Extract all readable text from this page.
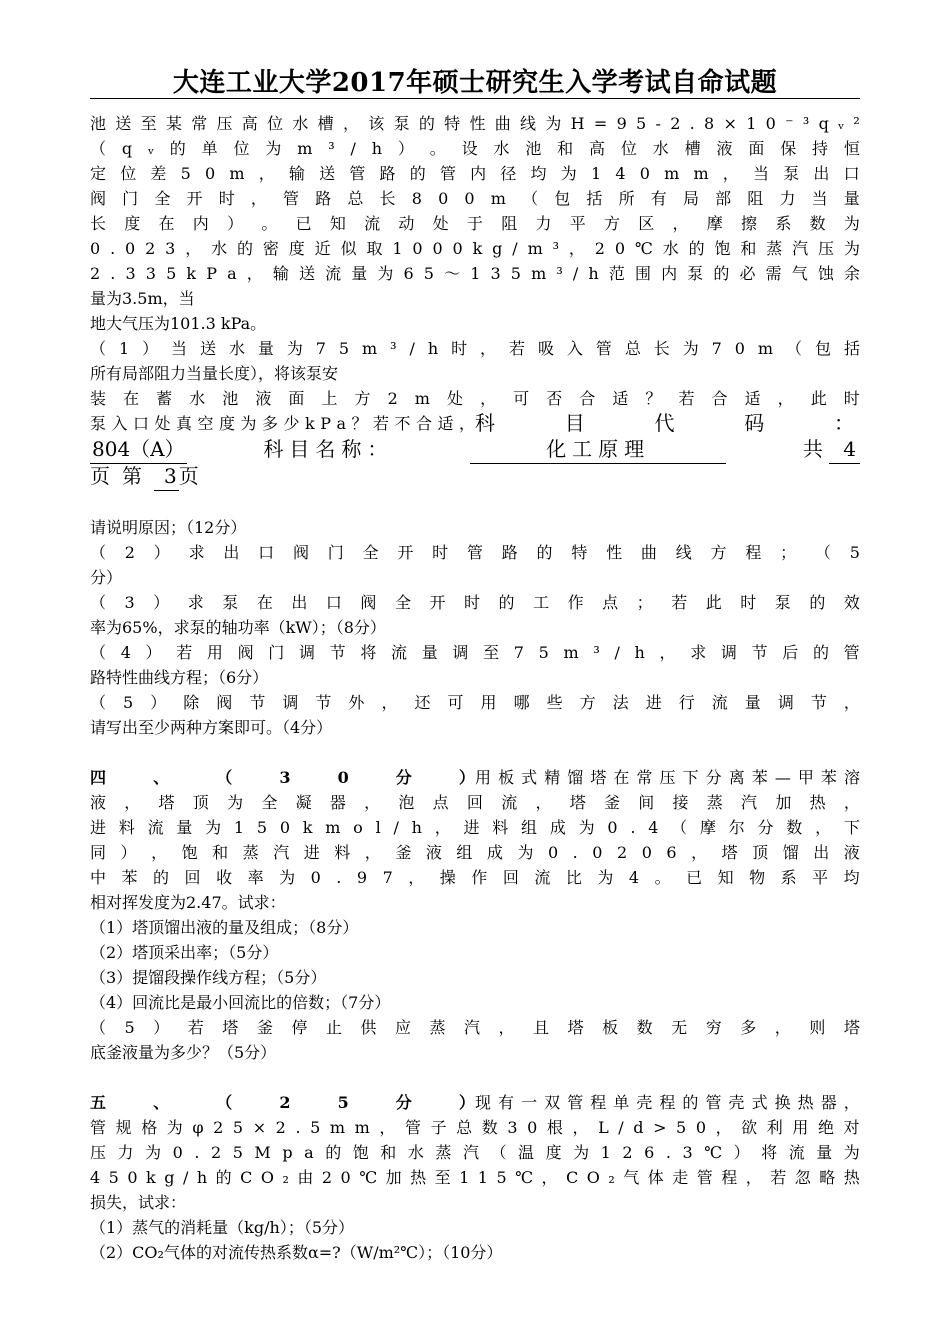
大连工业大学2017年硕士研究生入学考试自命试题
池 送 至 某 常 压 高 位 水 槽 ， 该 泵 的 特 性 曲 线 为 H = 9 5 - 2 . 8 × 1 0 ⁻ ³ q ᵥ ²
（ q ᵥ 的 单 位 为 m ³ / h ） 。 设 水 池 和 高 位 水 槽 液 面 保 持 恒
定 位 差 5 0 m ， 输 送 管 路 的 管 内 径 均 为 1 4 0 m m ， 当 泵 出 口
阀 门 全 开 时 ， 管 路 总 长 8 0 0 m （ 包 括 所 有 局 部 阻 力 当 量
长 度 在 内 ） 。 已 知 流 动 处 于 阻 力 平 方 区 ， 摩 擦 系 数 为
0 . 0 2 3 ， 水 的 密 度 近 似 取 1 0 0 0 k g / m ³ ， 2 0 ℃ 水 的 饱 和 蒸 汽 压 为
2 . 3 3 5 k P a ， 输 送 流 量 为 6 5 ～ 1 3 5 m ³ / h 范 围 内 泵 的 必 需 气 蚀 余
量为3.5m，当
地大气压为101.3 kPa。
（ 1 ） 当 送 水 量 为 7 5 m ³ / h 时 ， 若 吸 入 管 总 长 为 7 0 m （ 包 括
所有局部阻力当量长度），将该泵安
装 在 蓄 水 池 液 面 上 方 2 m 处 ， 可 否 合 适 ？ 若 合 适 ， 此 时
泵 入 口 处 真 空 度 为 多 少 k P a ？ 若 不 合 适 ， 科	目	代	码	：
804（A）	科目名称：	化工原理	共 4
页 第	3 页
请说明原因；（12分）
（ 2 ） 求 出 口 阀 门 全 开 时 管 路 的 特 性 曲 线 方 程 ； （ 5
分）
（ 3 ） 求 泵 在 出 口 阀 全 开 时 的 工 作 点 ； 若 此 时 泵 的 效
率为65%，求泵的轴功率（kW）；（8分）
（ 4 ） 若 用 阀 门 调 节 将 流 量 调 至 7 5 m ³ / h ， 求 调 节 后 的 管
路特性曲线方程；（6分）
（ 5 ） 除 阀 节 调 节 外 ， 还 可 用 哪 些 方 法 进 行 流 量 调 节 ，
请写出至少两种方案即可。（4分）
四	、	（	3	0	分	） 用 板 式 精 馏 塔 在 常 压 下 分 离 苯 — 甲 苯 溶
液 ， 塔 顶 为 全 凝 器 ， 泡 点 回 流 ， 塔 釜 间 接 蒸 汽 加 热 ，
进 料 流 量 为 1 5 0 k m o l / h ， 进 料 组 成 为 0 . 4 （ 摩 尔 分 数 ， 下
同 ） ， 饱 和 蒸 汽 进 料 ， 釜 液 组 成 为 0 . 0 2 0 6 ， 塔 顶 馏 出 液
中 苯 的 回 收 率 为 0 . 9 7 ， 操 作 回 流 比 为 4 。 已 知 物 系 平 均
相对挥发度为2.47。试求：
（1）塔顶馏出液的量及组成；（8分）
（2）塔顶采出率；（5分）
（3）提馏段操作线方程；（5分）
（4）回流比是最小回流比的倍数；（7分）
（ 5 ） 若 塔 釜 停 止 供 应 蒸 汽 ， 且 塔 板 数 无 穷 多 ， 则 塔
底釜液量为多少？（5分）
五	、	（	2	5	分	） 现 有 一 双 管 程 单 壳 程 的 管 壳 式 换 热 器 ，
管 规 格 为 φ 2 5 × 2 . 5 m m ， 管 子 总 数 3 0 根 ， L / d > 5 0 ， 欲 利 用 绝 对
压 力 为 0 . 2 5 M p a 的 饱 和 水 蒸 汽 （ 温 度 为 1 2 6 . 3 ℃ ） 将 流 量 为
4 5 0 k g / h 的 C O ₂ 由 2 0 ℃ 加 热 至 1 1 5 ℃ ， C O ₂ 气 体 走 管 程 ， 若 忽 略 热
损失，试求：
（1）蒸气的消耗量（kg/h）；（5分）
（2）CO₂气体的对流传热系数α=?（W/m²℃）；（10分）
